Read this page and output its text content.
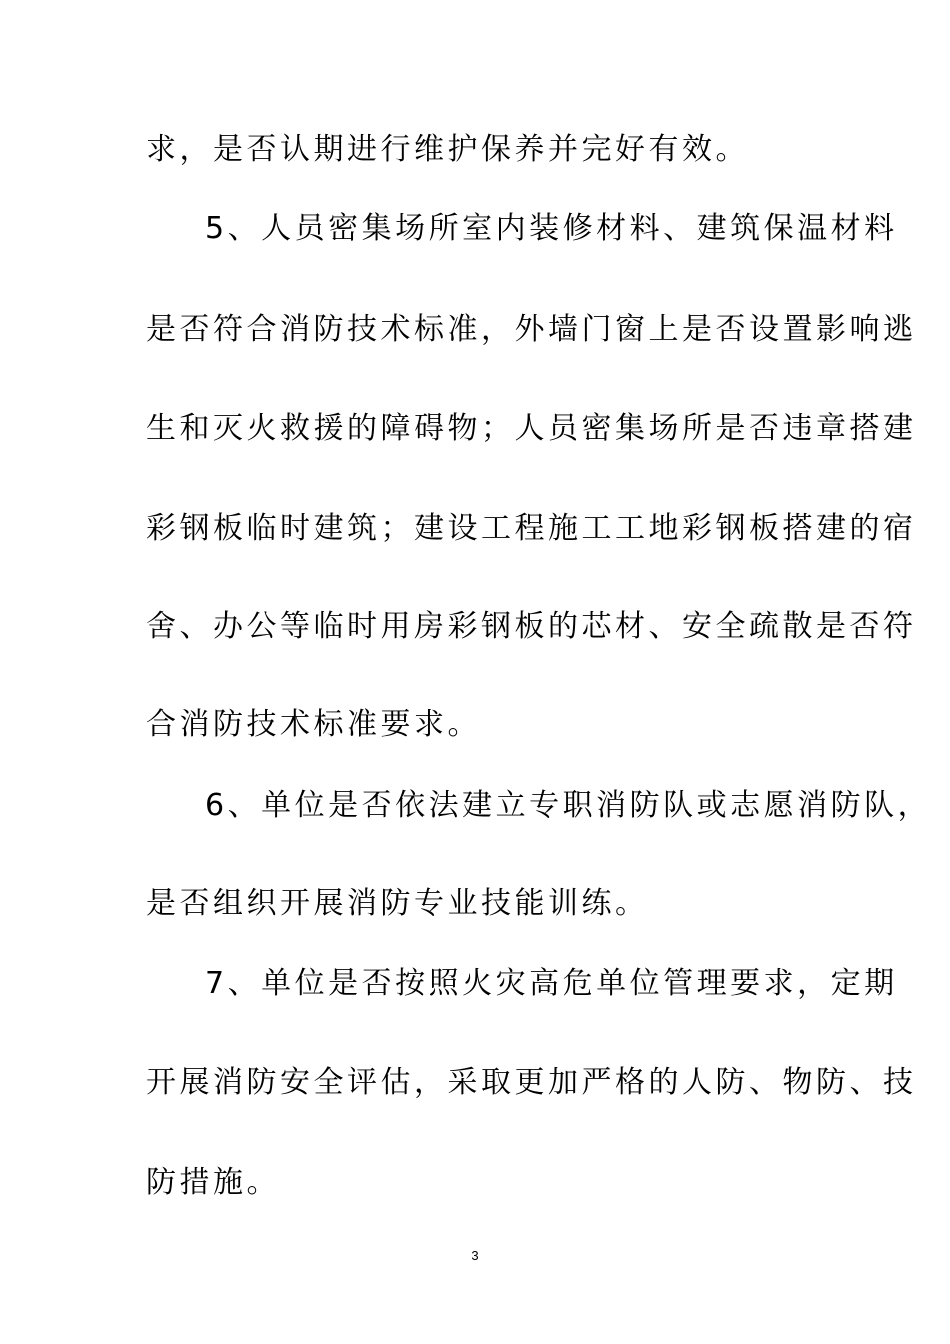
求，是否认期进行维护保养并完好有效。
5、人员密集场所室内装修材料、建筑保温材料
是否符合消防技术标准，外墙门窗上是否设置影响逃
生和灭火救援的障碍物；人员密集场所是否违章搭建
彩钢板临时建筑；建设工程施工工地彩钢板搭建的宿
舍、办公等临时用房彩钢板的芯材、安全疏散是否符
合消防技术标准要求。
6、单位是否依法建立专职消防队或志愿消防队，
是否组织开展消防专业技能训练。
7、单位是否按照火灾高危单位管理要求，定期
开展消防安全评估，采取更加严格的人防、物防、技
防措施。
3
